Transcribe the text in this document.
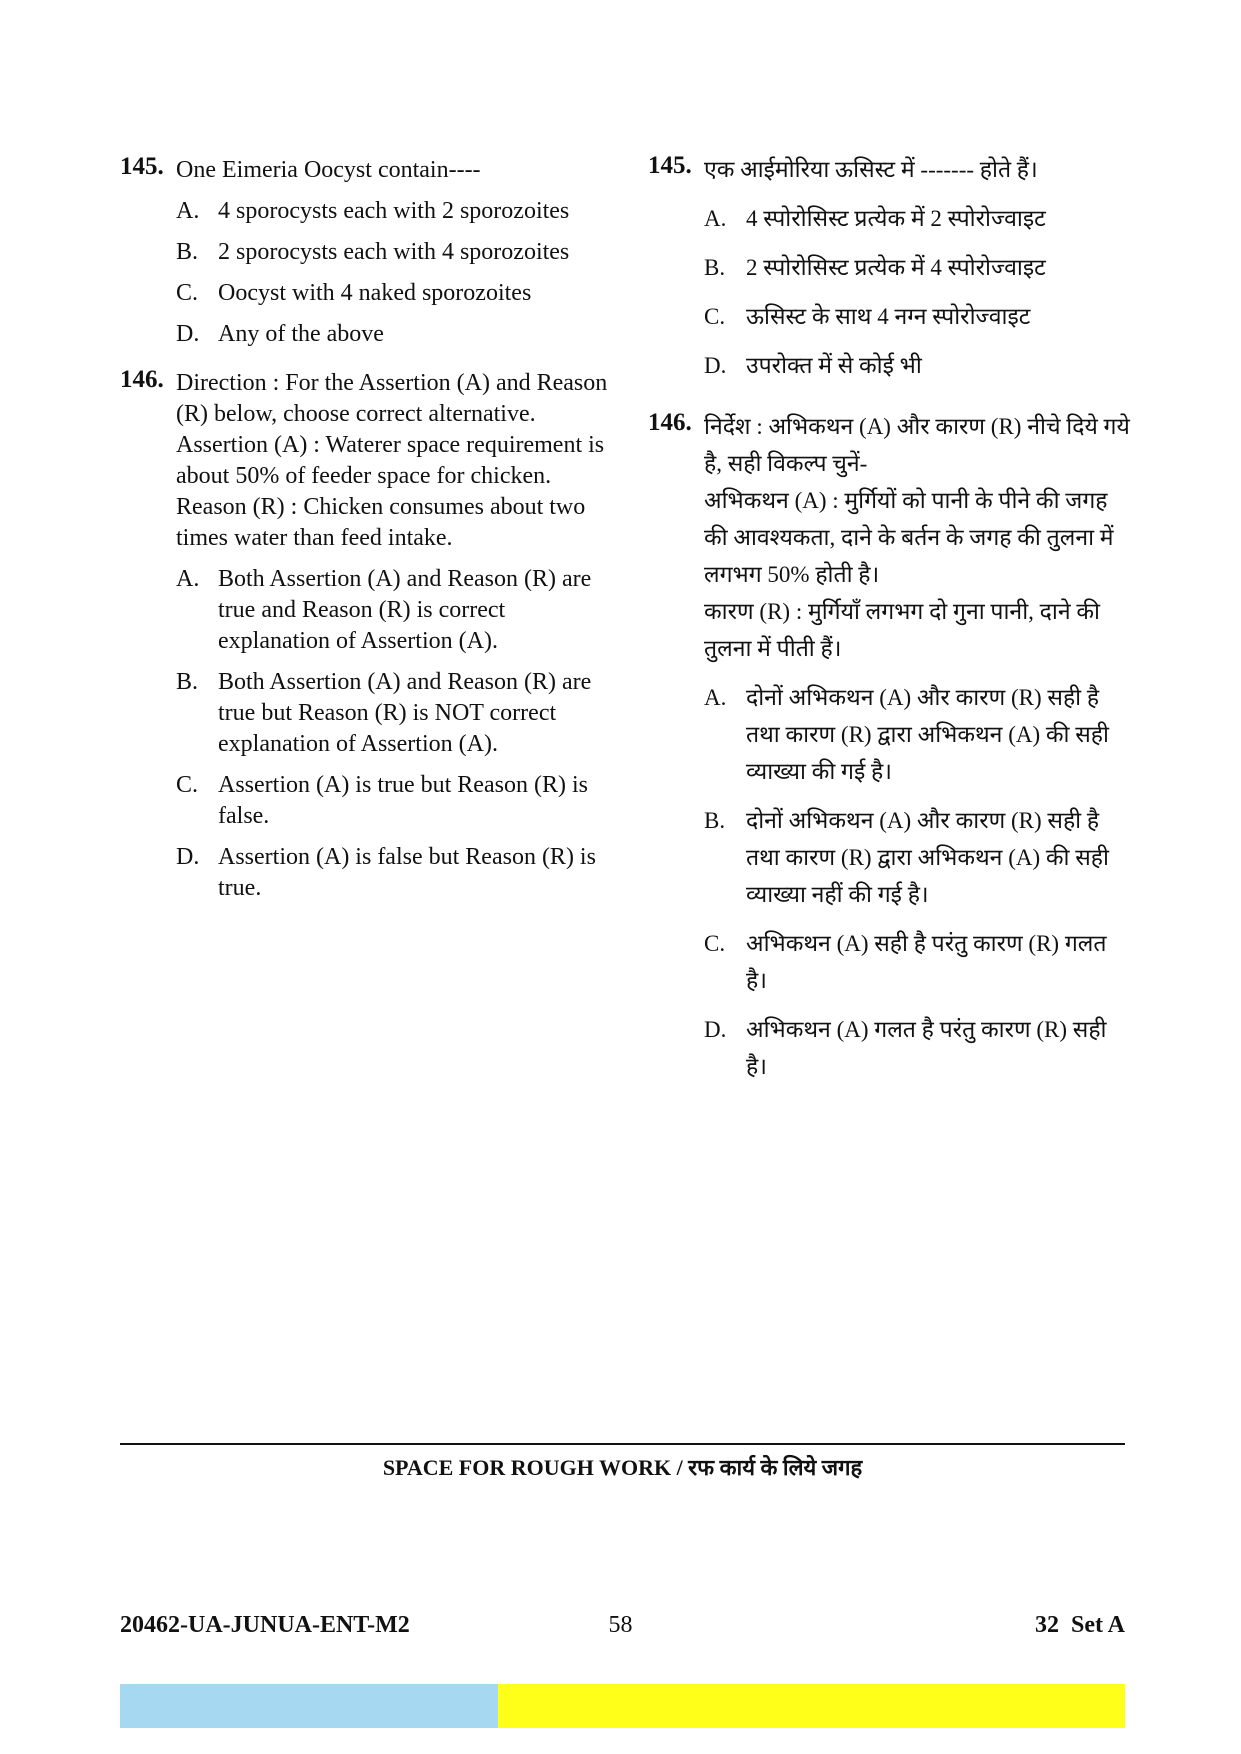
145. One Eimeria Oocyst contain----

A. 4 sporocysts each with 2 sporozoites
B. 2 sporocysts each with 4 sporozoites
C. Oocyst with 4 naked sporozoites
D. Any of the above
146. Direction : For the Assertion (A) and Reason (R) below, choose correct alternative.

Assertion (A) : Waterer space requirement is about 50% of feeder space for chicken.

Reason (R) : Chicken consumes about two times water than feed intake.

A. Both Assertion (A) and Reason (R) are true and Reason (R) is correct explanation of Assertion (A).
B. Both Assertion (A) and Reason (R) are true but Reason (R) is NOT correct explanation of Assertion (A).
C. Assertion (A) is true but Reason (R) is false.
D. Assertion (A) is false but Reason (R) is true.
145. एक आईमोरिया ऊसिस्ट में ------- होते हैं।

A. 4 स्पोरोसिस्ट प्रत्येक में 2 स्पोरोज्वाइट
B. 2 स्पोरोसिस्ट प्रत्येक में 4 स्पोरोज्वाइट
C. ऊसिस्ट के साथ 4 नग्न स्पोरोज्वाइट
D. उपरोक्त में से कोई भी
146. निर्देश : अभिकथन (A) और कारण (R) नीचे दिये गये है, सही विकल्प चुनें-

अभिकथन (A) : मुर्गियों को पानी के पीने की जगह की आवश्यकता, दाने के बर्तन के जगह की तुलना में लगभग 50% होती है।

कारण (R) : मुर्गियाँ लगभग दो गुना पानी, दाने की तुलना में पीती हैं।

A. दोनों अभिकथन (A) और कारण (R) सही है तथा कारण (R) द्वारा अभिकथन (A) की सही व्याख्या की गई है।
B. दोनों अभिकथन (A) और कारण (R) सही है तथा कारण (R) द्वारा अभिकथन (A) की सही व्याख्या नहीं की गई है।
C. अभिकथन (A) सही है परंतु कारण (R) गलत है।
D. अभिकथन (A) गलत है परंतु कारण (R) सही है।
SPACE FOR ROUGH WORK / रफ कार्य के लिये जगह
20462-UA-JUNUA-ENT-M2	58	32  Set A
